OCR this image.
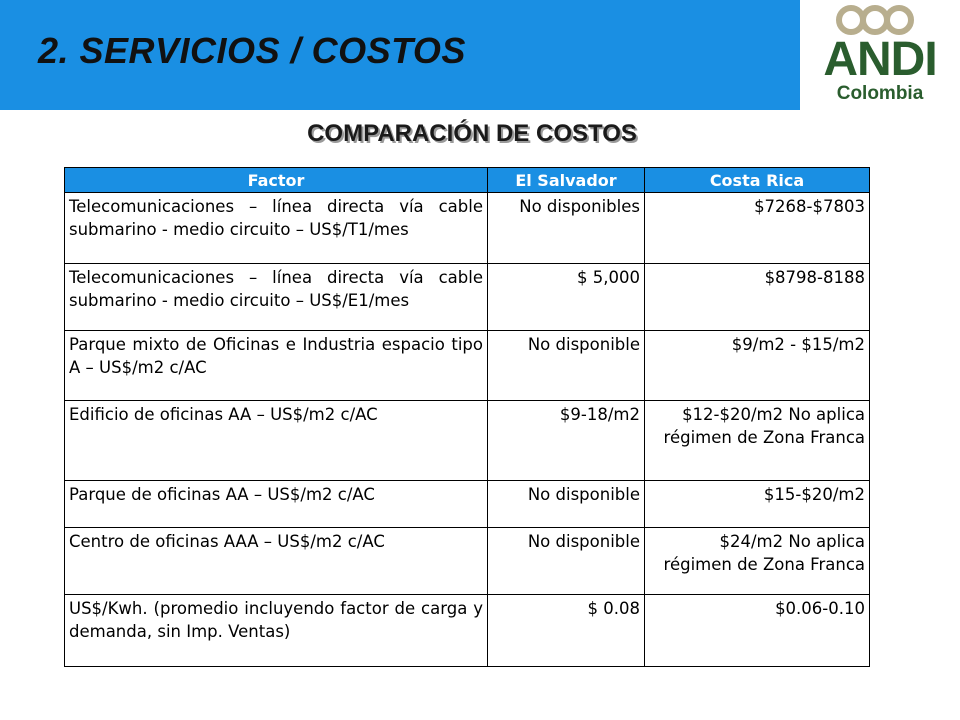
2. SERVICIOS / COSTOS	ANDI
Colombia
COMPARACIÓN DE COSTOS
Factor	El Salvador	Costa Rica
Telecomunicaciones – línea directa vía cable submarino - medio circuito – US$/T1/mes	No disponibles	$7268-$7803
Telecomunicaciones – línea directa vía cable submarino - medio circuito – US$/E1/mes	$ 5,000	$8798-8188
Parque mixto de Oficinas e Industria espacio tipo A – US$/m2 c/AC	No disponible	$9/m2 - $15/m2
Edificio de oficinas AA – US$/m2 c/AC	$9-18/m2	$12-$20/m2 No aplica régimen de Zona Franca
Parque de oficinas AA – US$/m2 c/AC	No disponible	$15-$20/m2
Centro de oficinas AAA – US$/m2 c/AC	No disponible	$24/m2 No aplica régimen de Zona Franca
US$/Kwh. (promedio incluyendo factor de carga y demanda, sin Imp. Ventas)	$ 0.08	$0.06-0.10
